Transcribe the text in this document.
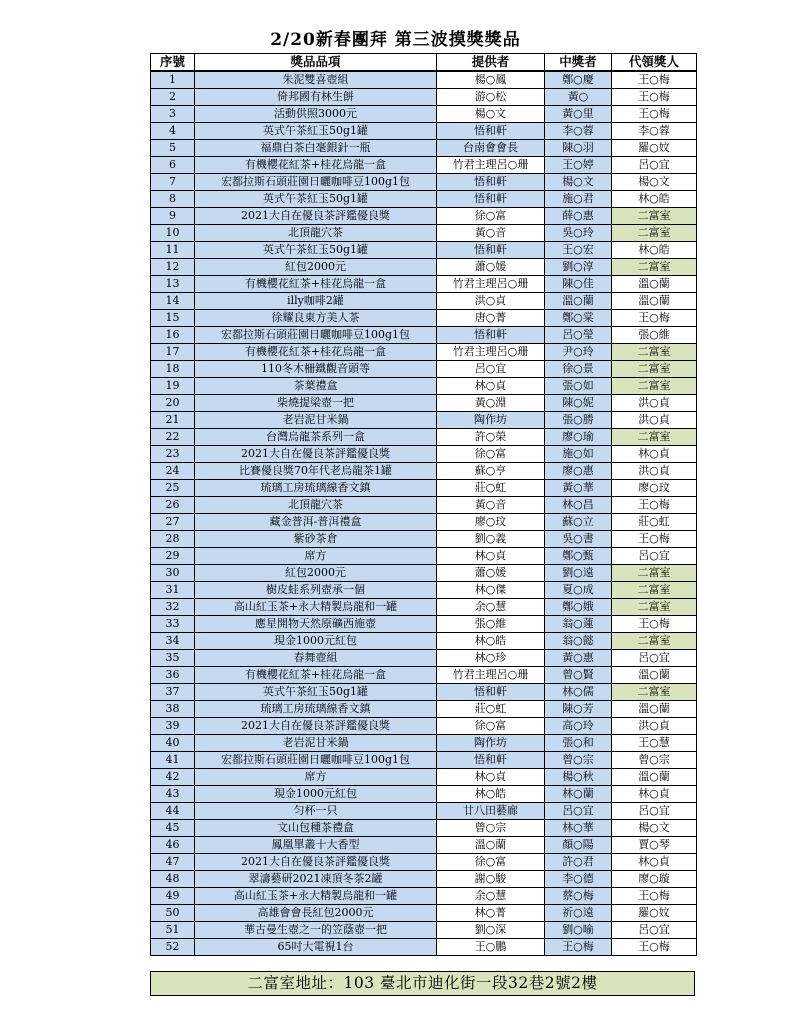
2/20新春團拜 第三波摸獎獎品
序號	獎品品項	提供者	中獎者	代領獎人
1	朱泥雙喜壺組	楊○鳳	鄭○慶	王○梅
2	倚邦國有林生餅	游○松	黃○	王○梅
3	活動供照3000元	楊○文	黃○里	王○梅
4	英式午茶紅玉50g1罐	悟和軒	李○蓉	李○蓉
5	福鼎白茶白毫銀針一瓶	台南會會長	陳○羽	羅○妏
6	有機櫻花紅茶+桂花烏龍一盒	竹君主理呂○珊	王○婷	呂○宜
7	宏都拉斯石頭莊園日曬咖啡豆100g1包	悟和軒	楊○文	楊○文
8	英式午茶紅玉50g1罐	悟和軒	施○君	林○皓
9	2021大自在優良茶評鑑優良獎	徐○富	薛○惠	二富室
10	北頂龍穴茶	黃○音	吳○玲	二富室
11	英式午茶紅玉50g1罐	悟和軒	王○宏	林○皓
12	紅包2000元	蕭○媛	劉○淳	二富室
13	有機櫻花紅茶+桂花烏龍一盒	竹君主理呂○珊	陳○佳	溫○蘭
14	illy咖啡2罐	洪○貞	溫○蘭	溫○蘭
15	徐耀良東方美人茶	唐○菁	鄭○棠	王○梅
16	宏都拉斯石頭莊園日曬咖啡豆100g1包	悟和軒	呂○瑩	張○維
17	有機櫻花紅茶+桂花烏龍一盒	竹君主理呂○珊	尹○玲	二富室
18	110冬木柵鐵觀音頭等	呂○宜	徐○景	二富室
19	茶葉禮盒	林○貞	張○如	二富室
20	柴燒提梁壺一把	黃○淵	陳○妮	洪○貞
21	老岩泥甘米鍋	陶作坊	張○勝	洪○貞
22	台灣烏龍茶系列一盒	許○榮	廖○瑜	二富室
23	2021大自在優良茶評鑑優良獎	徐○富	施○如	林○貞
24	比賽優良獎70年代老烏龍茶1罐	蘇○亨	廖○惠	洪○貞
25	琉璃工房琉璃線香文鎮	莊○虹	黃○華	廖○玟
26	北頂龍穴茶	黃○音	林○昌	王○梅
27	藏金普洱-普洱禮盒	廖○玟	蘇○立	莊○虹
28	紫砂茶倉	劉○義	吳○書	王○梅
29	席方	林○貞	鄭○甄	呂○宜
30	紅包2000元	蕭○媛	劉○遠	二富室
31	樹皮蛙系列壺承一個	林○傑	夏○成	二富室
32	高山紅玉茶+永大精製烏龍和一罐	余○慧	鄭○娥	二富室
33	應星開物天然原礦西施壺	張○維	翁○蓮	王○梅
34	現金1000元紅包	林○皓	翁○懿	二富室
35	春舞壺組	林○珍	黃○惠	呂○宜
36	有機櫻花紅茶+桂花烏龍一盒	竹君主理呂○珊	曾○賢	溫○蘭
37	英式午茶紅玉50g1罐	悟和軒	林○儒	二富室
38	琉璃工房琉璃線香文鎮	莊○虹	陳○芳	溫○蘭
39	2021大自在優良茶評鑑優良獎	徐○富	高○玲	洪○貞
40	老岩泥甘米鍋	陶作坊	張○和	王○慧
41	宏都拉斯石頭莊園日曬咖啡豆100g1包	悟和軒	曾○宗	曾○宗
42	席方	林○貞	楊○秋	溫○蘭
43	現金1000元紅包	林○皓	林○蘭	林○貞
44	匀杯一只	廿八田藝廊	呂○宜	呂○宜
45	文山包種茶禮盒	曾○宗	林○華	楊○文
46	鳳凰單叢十大香型	溫○蘭	顏○陽	賈○琴
47	2021大自在優良茶評鑑優良獎	徐○富	許○君	林○貞
48	翠濤藝研2021凍頂冬茶2罐	謝○駿	李○德	廖○璇
49	高山紅玉茶+永大精製烏龍和一罐	余○慧	蔡○梅	王○梅
50	高雄會會長紅包2000元	林○菁	祈○遠	羅○妏
51	華古曼生壺之一的笠蔭壺一把	劉○深	劉○喻	呂○宜
52	65吋大電視1台	王○鵬	王○梅	王○梅
二富室地址：103 臺北市迪化街一段32巷2號2樓
